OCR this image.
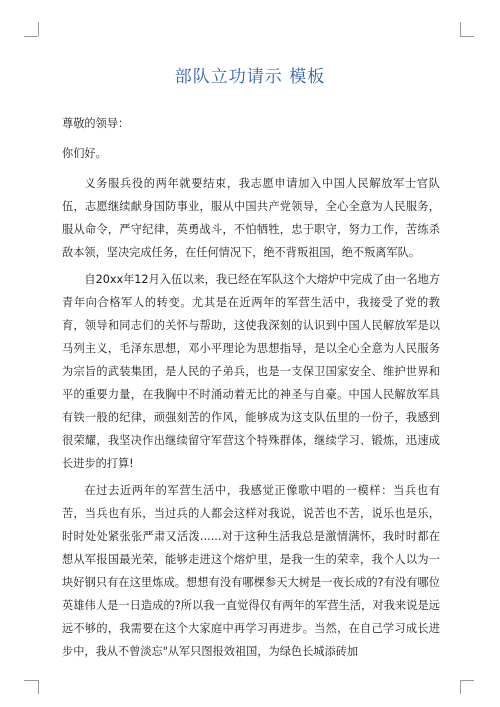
部队立功请示 模板

尊敬的领导：

你们好。

义务服兵役的两年就要结束，我志愿申请加入中国人民解放军士官队伍，志愿继续献身国防事业，服从中国共产党领导，全心全意为人民服务，服从命令，严守纪律，英勇战斗，不怕牺牲，忠于职守，努力工作，苦练杀敌本领，坚决完成任务，在任何情况下，绝不背叛祖国，绝不叛离军队。

自20xx年12月入伍以来，我已经在军队这个大熔炉中完成了由一名地方青年向合格军人的转变。尤其是在近两年的军营生活中，我接受了党的教育，领导和同志们的关怀与帮助，这使我深刻的认识到中国人民解放军是以马列主义，毛泽东思想，邓小平理论为思想指导，是以全心全意为人民服务为宗旨的武装集团，是人民的子弟兵，也是一支保卫国家安全、维护世界和平的重要力量，在我胸中不时涌动着无比的神圣与自豪。中国人民解放军具有铁一般的纪律，顽强刻苦的作风，能够成为这支队伍里的一份子，我感到很荣耀，我坚决作出继续留守军营这个特殊群体，继续学习、锻炼，迅速成长进步的打算!

在过去近两年的军营生活中，我感觉正像歌中唱的一模样：当兵也有苦，当兵也有乐，当过兵的人都会这样对我说，说苦也不苦，说乐也是乐，时时处处紧张张严肃又活泼......对于这种生活我总是激情满怀，我时时都在想从军报国最光荣，能够走进这个熔炉里，是我一生的荣幸，我个人以为一块好钢只有在这里炼成。想想有没有哪棵参天大树是一夜长成的?有没有哪位英雄伟人是一日造成的?所以我一直觉得仅有两年的军营生活，对我来说是远远不够的，我需要在这个大家庭中再学习再进步。当然，在自己学习成长进步中，我从不曾淡忘"从军只图报效祖国，为绿色长城添砖加
